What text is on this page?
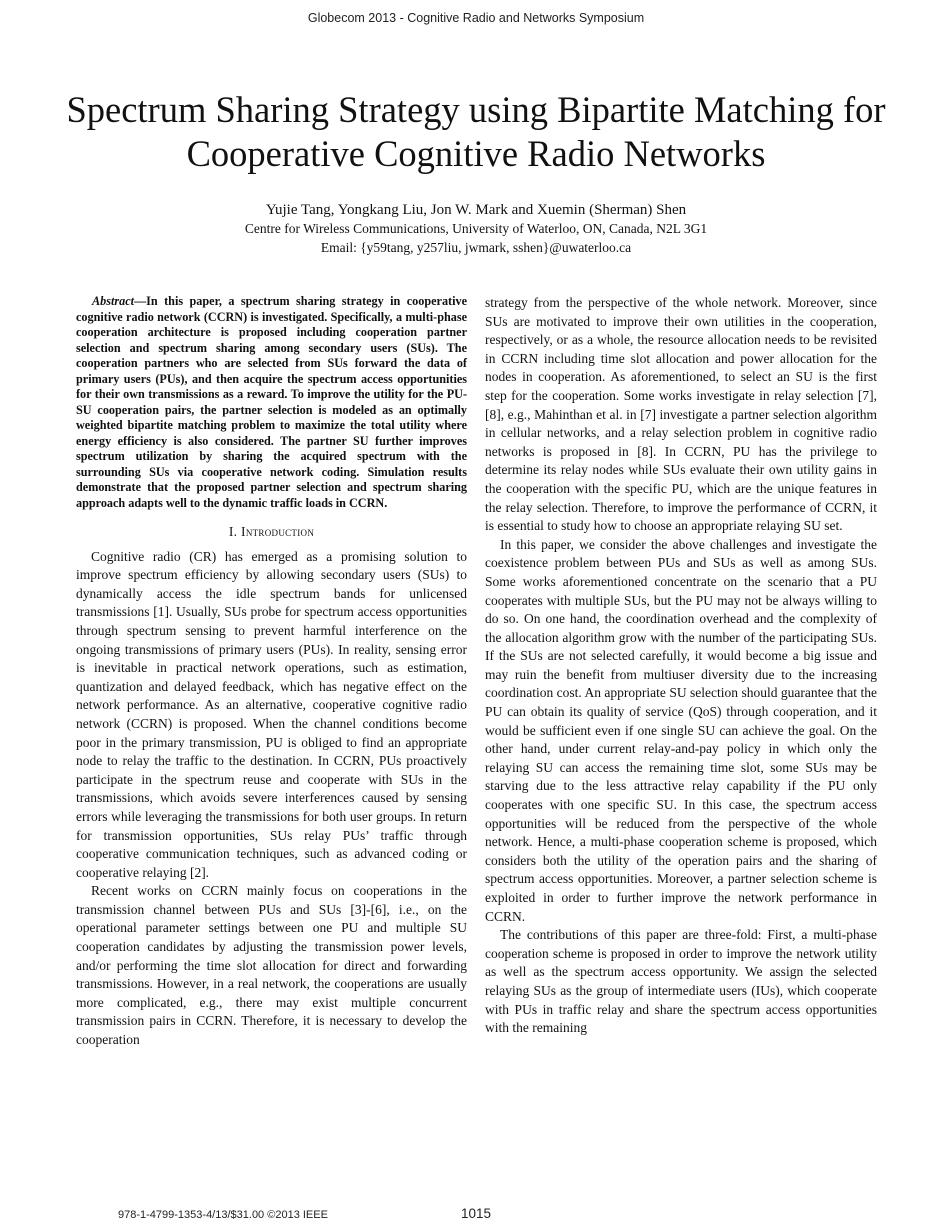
Globecom 2013 - Cognitive Radio and Networks Symposium
Spectrum Sharing Strategy using Bipartite Matching for Cooperative Cognitive Radio Networks
Yujie Tang, Yongkang Liu, Jon W. Mark and Xuemin (Sherman) Shen
Centre for Wireless Communications, University of Waterloo, ON, Canada, N2L 3G1
Email: {y59tang, y257liu, jwmark, sshen}@uwaterloo.ca

Abstract—In this paper, a spectrum sharing strategy in cooperative cognitive radio network (CCRN) is investigated. Specifically, a multi-phase cooperation architecture is proposed including cooperation partner selection and spectrum sharing among secondary users (SUs). The cooperation partners who are selected from SUs forward the data of primary users (PUs), and then acquire the spectrum access opportunities for their own transmissions as a reward. To improve the utility for the PU-SU cooperation pairs, the partner selection is modeled as an optimally weighted bipartite matching problem to maximize the total utility where energy efficiency is also considered. The partner SU further improves spectrum utilization by sharing the acquired spectrum with the surrounding SUs via cooperative network coding. Simulation results demonstrate that the proposed partner selection and spectrum sharing approach adapts well to the dynamic traffic loads in CCRN.

I. Introduction

Cognitive radio (CR) has emerged as a promising solution to improve spectrum efficiency by allowing secondary users (SUs) to dynamically access the idle spectrum bands for unlicensed transmissions [1]. Usually, SUs probe for spectrum access opportunities through spectrum sensing to prevent harmful interference on the ongoing transmissions of primary users (PUs). In reality, sensing error is inevitable in practical network operations, such as estimation, quantization and delayed feedback, which has negative effect on the network performance. As an alternative, cooperative cognitive radio network (CCRN) is proposed. When the channel conditions become poor in the primary transmission, PU is obliged to find an appropriate node to relay the traffic to the destination. In CCRN, PUs proactively participate in the spectrum reuse and cooperate with SUs in the transmissions, which avoids severe interferences caused by sensing errors while leveraging the transmissions for both user groups. In return for transmission opportunities, SUs relay PUs’ traffic through cooperative communication techniques, such as advanced coding or cooperative relaying [2].

Recent works on CCRN mainly focus on cooperations in the transmission channel between PUs and SUs [3]-[6], i.e., on the operational parameter settings between one PU and multiple SU cooperation candidates by adjusting the transmission power levels, and/or performing the time slot allocation for direct and forwarding transmissions. However, in a real network, the cooperations are usually more complicated, e.g., there may exist multiple concurrent transmission pairs in CCRN. Therefore, it is necessary to develop the cooperation

strategy from the perspective of the whole network. Moreover, since SUs are motivated to improve their own utilities in the cooperation, respectively, or as a whole, the resource allocation needs to be revisited in CCRN including time slot allocation and power allocation for the nodes in cooperation. As aforementioned, to select an SU is the first step for the cooperation. Some works investigate in relay selection [7], [8], e.g., Mahinthan et al. in [7] investigate a partner selection algorithm in cellular networks, and a relay selection problem in cognitive radio networks is proposed in [8]. In CCRN, PU has the privilege to determine its relay nodes while SUs evaluate their own utility gains in the cooperation with the specific PU, which are the unique features in the relay selection. Therefore, to improve the performance of CCRN, it is essential to study how to choose an appropriate relaying SU set.

In this paper, we consider the above challenges and investigate the coexistence problem between PUs and SUs as well as among SUs. Some works aforementioned concentrate on the scenario that a PU cooperates with multiple SUs, but the PU may not be always willing to do so. On one hand, the coordination overhead and the complexity of the allocation algorithm grow with the number of the participating SUs. If the SUs are not selected carefully, it would become a big issue and may ruin the benefit from multiuser diversity due to the increasing coordination cost. An appropriate SU selection should guarantee that the PU can obtain its quality of service (QoS) through cooperation, and it would be sufficient even if one single SU can achieve the goal. On the other hand, under current relay-and-pay policy in which only the relaying SU can access the remaining time slot, some SUs may be starving due to the less attractive relay capability if the PU only cooperates with one specific SU. In this case, the spectrum access opportunities will be reduced from the perspective of the whole network. Hence, a multi-phase cooperation scheme is proposed, which considers both the utility of the operation pairs and the sharing of spectrum access opportunities. Moreover, a partner selection scheme is exploited in order to further improve the network performance in CCRN.

The contributions of this paper are three-fold: First, a multi-phase cooperation scheme is proposed in order to improve the network utility as well as the spectrum access opportunity. We assign the selected relaying SUs as the group of intermediate users (IUs), which cooperate with PUs in traffic relay and share the spectrum access opportunities with the remaining

978-1-4799-1353-4/13/$31.00 ©2013 IEEE	1015
